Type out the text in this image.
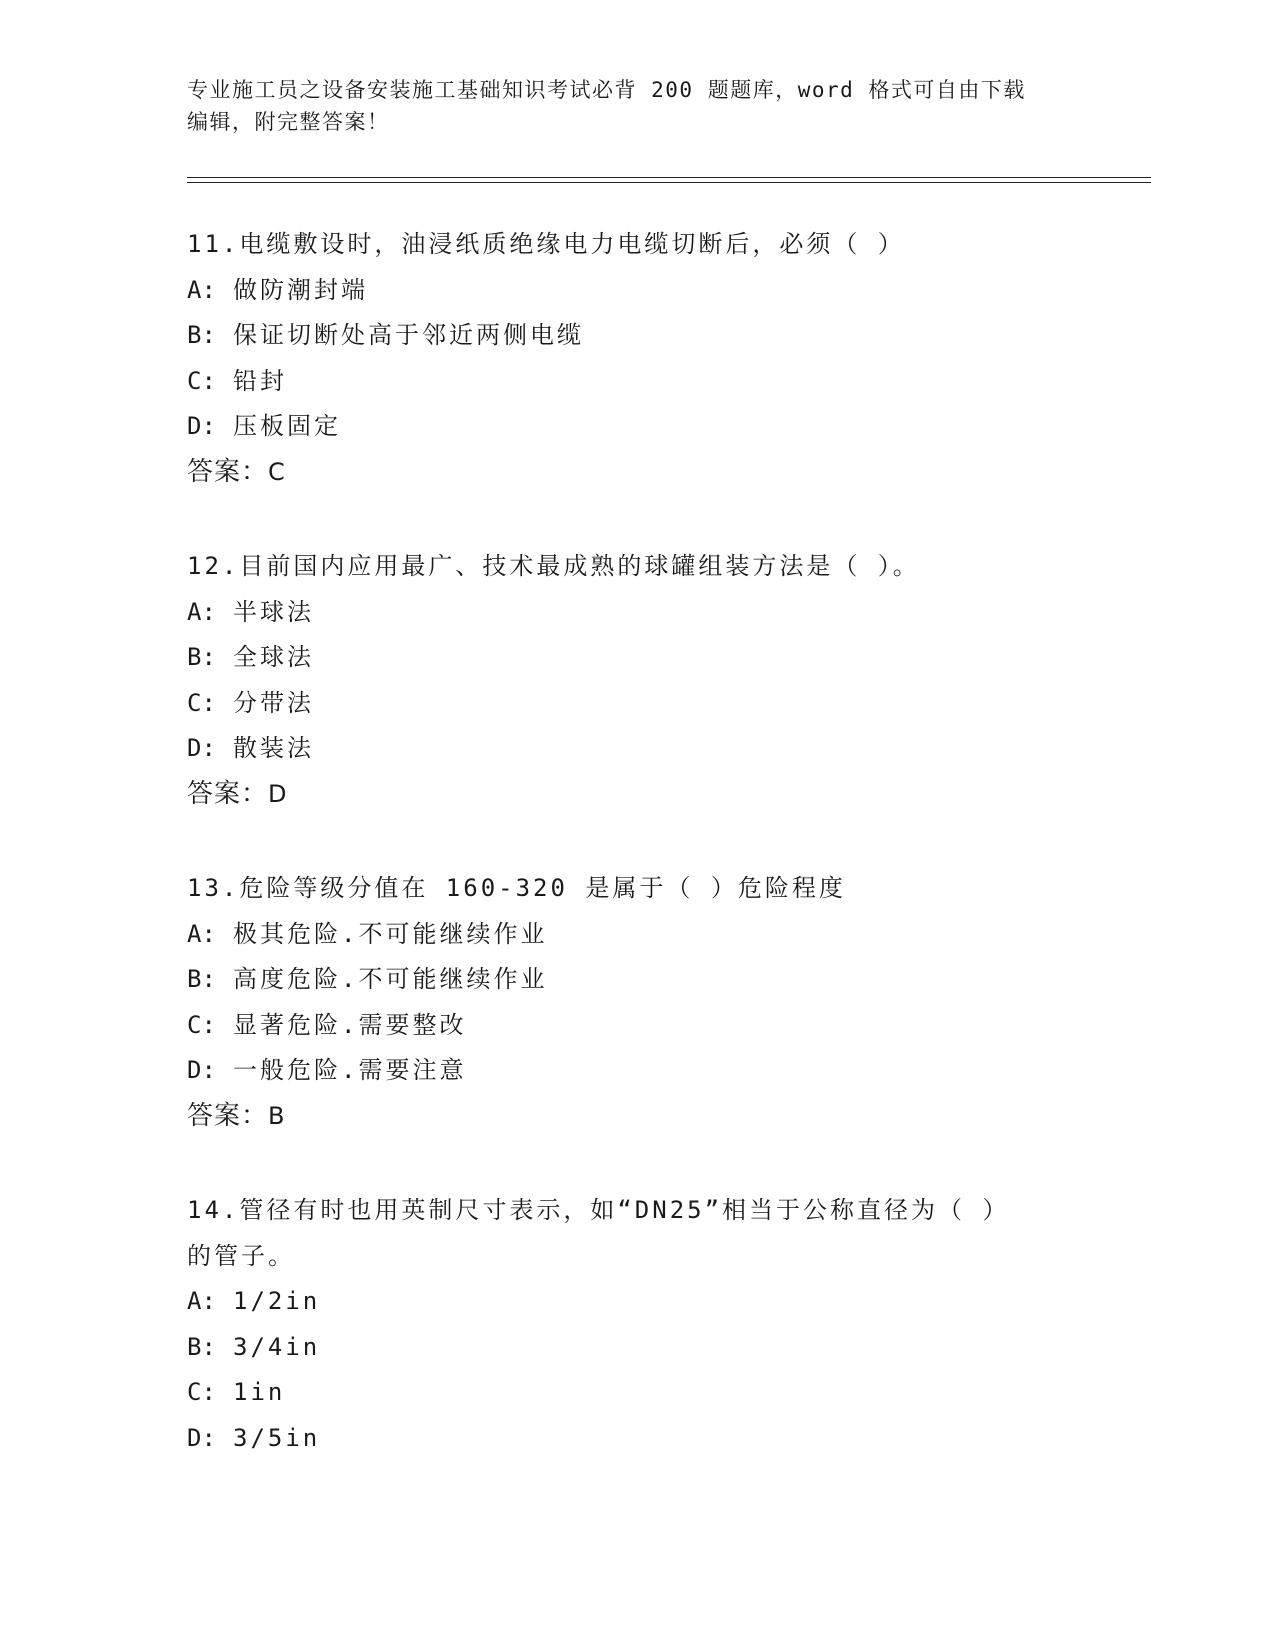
专业施工员之设备安装施工基础知识考试必背 200 题题库，word 格式可自由下载
编辑，附完整答案！
11.电缆敷设时，油浸纸质绝缘电力电缆切断后，必须（ ）
A: 做防潮封端
B: 保证切断处高于邻近两侧电缆
C: 铅封
D: 压板固定
答案：C
12.目前国内应用最广、技术最成熟的球罐组装方法是（ ）。
A: 半球法
B: 全球法
C: 分带法
D: 散装法
答案：D
13.危险等级分值在 160-320 是属于（ ）危险程度
A: 极其危险.不可能继续作业
B: 高度危险.不可能继续作业
C: 显著危险.需要整改
D: 一般危险.需要注意
答案：B
14.管径有时也用英制尺寸表示，如“DN25”相当于公称直径为（ ）
的管子。
A: 1/2in
B: 3/4in
C: 1in
D: 3/5in
